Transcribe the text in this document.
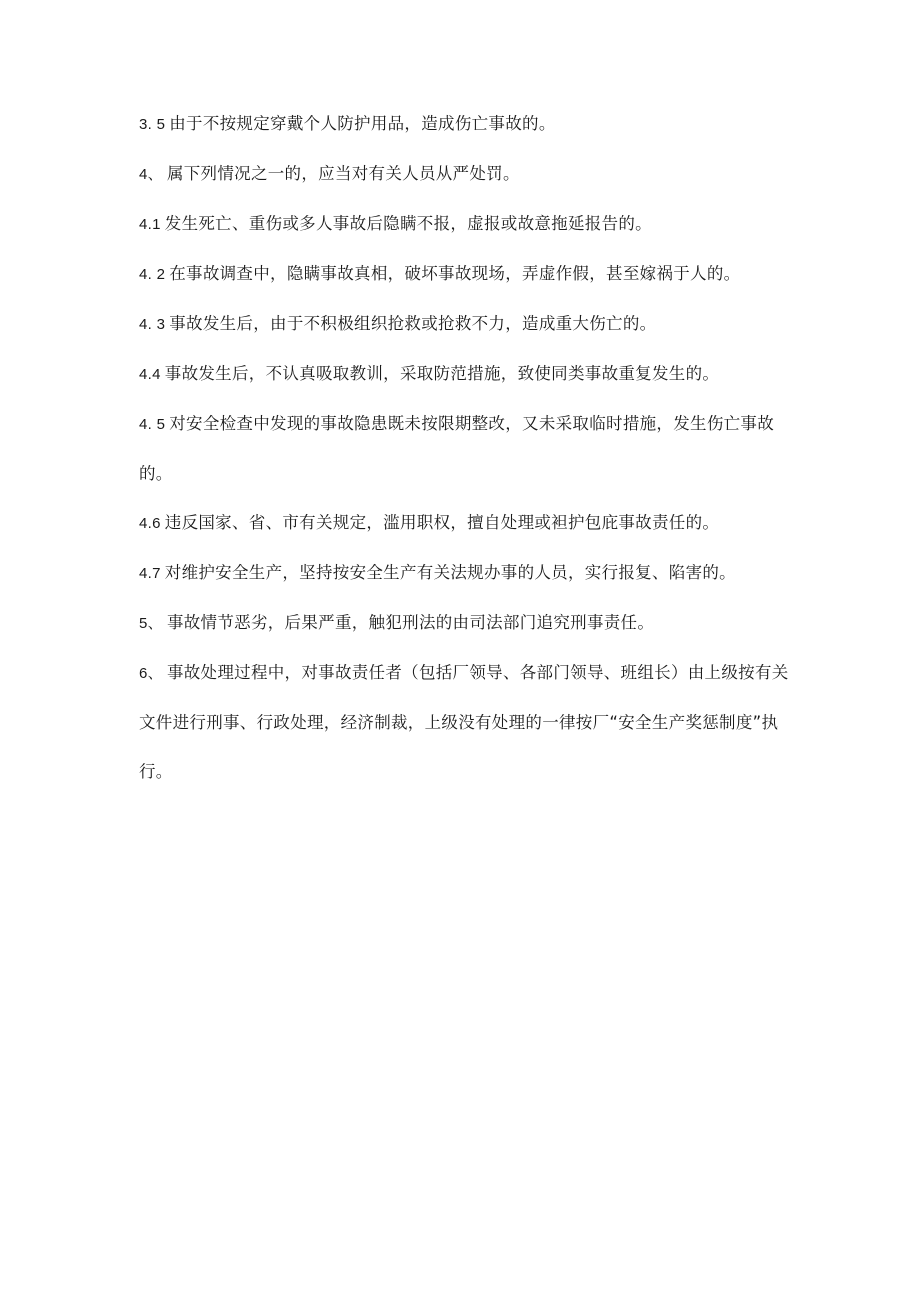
3. 5 由于不按规定穿戴个人防护用品，造成伤亡事故的。

4、 属下列情况之一的，应当对有关人员从严处罚。

4.1 发生死亡、重伤或多人事故后隐瞒不报，虚报或故意拖延报告的。

4. 2 在事故调查中，隐瞒事故真相，破坏事故现场，弄虚作假，甚至嫁祸于人的。

4. 3 事故发生后，由于不积极组织抢救或抢救不力，造成重大伤亡的。

4.4 事故发生后，不认真吸取教训，采取防范措施，致使同类事故重复发生的。

4. 5 对安全检查中发现的事故隐患既未按限期整改，又未采取临时措施，发生伤亡事故的。

4.6 违反国家、省、市有关规定，滥用职权，擅自处理或袒护包庇事故责任的。

4.7 对维护安全生产，坚持按安全生产有关法规办事的人员，实行报复、陷害的。

5、 事故情节恶劣，后果严重，触犯刑法的由司法部门追究刑事责任。

6、 事故处理过程中，对事故责任者（包括厂领导、各部门领导、班组长）由上级按有关文件进行刑事、行政处理，经济制裁，上级没有处理的一律按厂“安全生产奖惩制度”执行。
